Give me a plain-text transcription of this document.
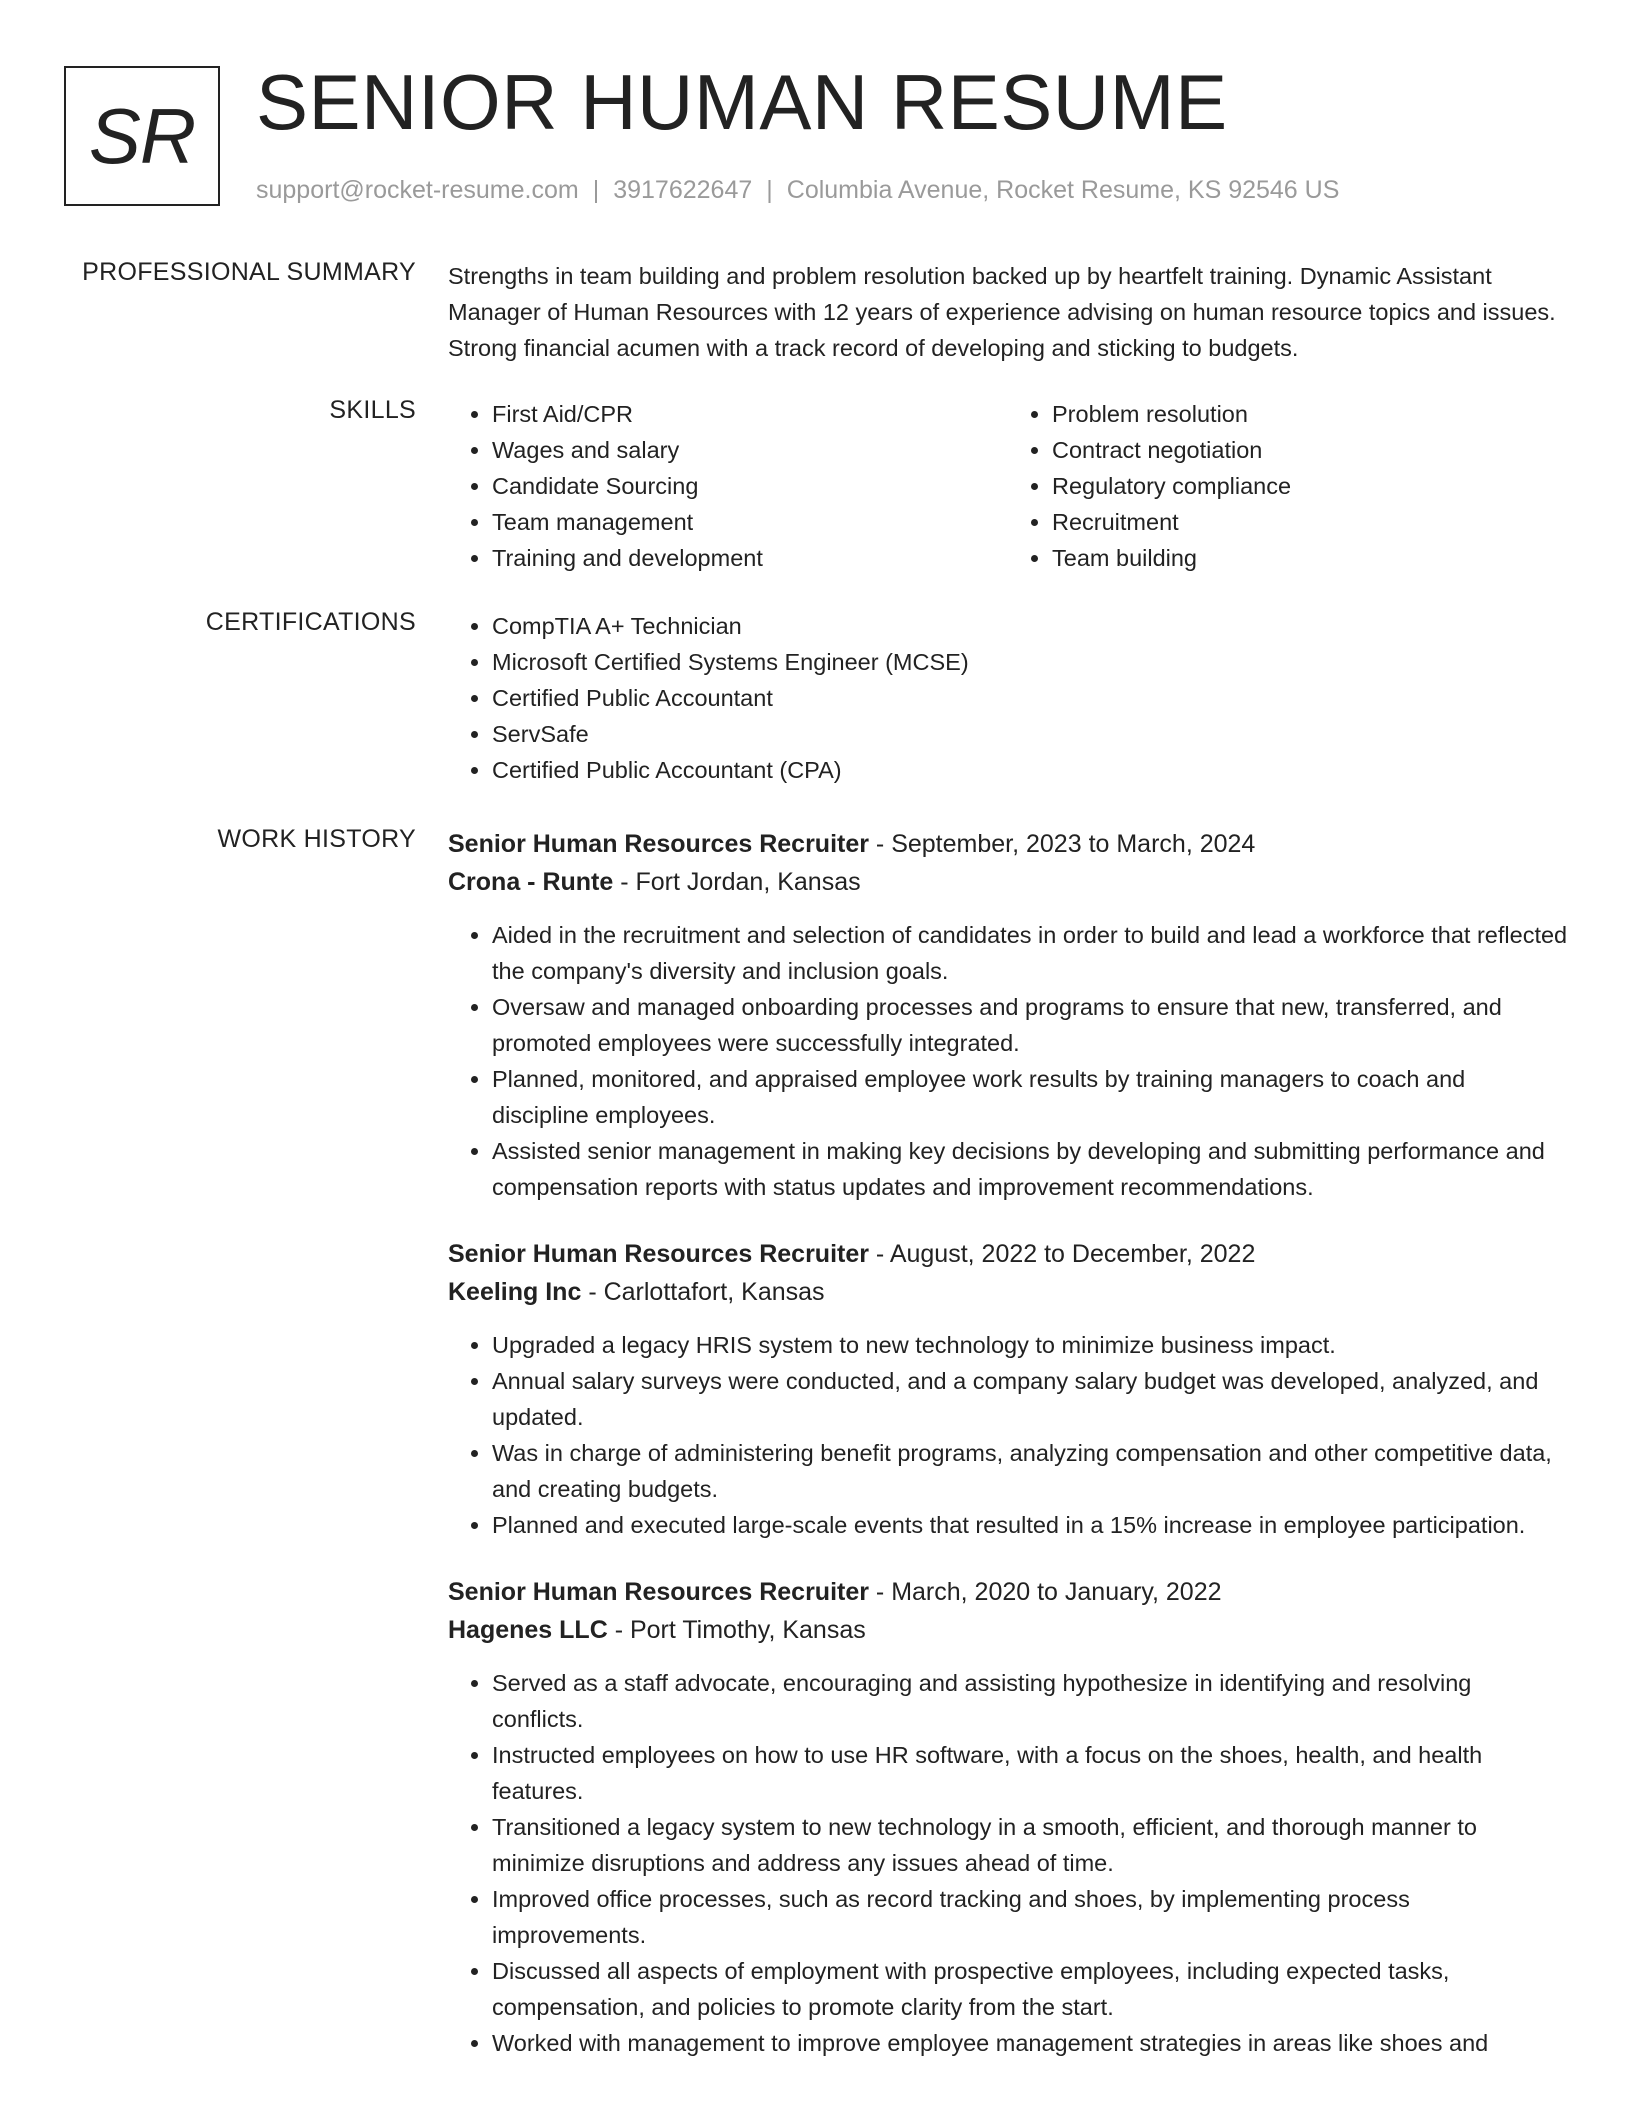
SR SENIOR HUMAN RESUME
support@rocket-resume.com | 3917622647 | Columbia Avenue, Rocket Resume, KS 92546 US
PROFESSIONAL SUMMARY Strengths in team building and problem resolution backed up by heartfelt training. Dynamic Assistant Manager of Human Resources with 12 years of experience advising on human resource topics and issues. Strong financial acumen with a track record of developing and sticking to budgets.

SKILLS	• First Aid/CPR
• Wages and salary
• Candidate Sourcing
• Team management
• Training and development
• Problem resolution
• Contract negotiation
• Regulatory compliance
• Recruitment
• Team building
CERTIFICATIONS	• CompTIA A+ Technician
• Microsoft Certified Systems Engineer (MCSE)
• Certified Public Accountant
• ServSafe
• Certified Public Accountant (CPA)
WORK HISTORY Senior Human Resources Recruiter - September, 2023 to March, 2024
Crona - Runte - Fort Jordan, Kansas
• Aided in the recruitment and selection of candidates in order to build and lead a workforce that reflected the company's diversity and inclusion goals.
• Oversaw and managed onboarding processes and programs to ensure that new, transferred, and promoted employees were successfully integrated.
• Planned, monitored, and appraised employee work results by training managers to coach and discipline employees.
• Assisted senior management in making key decisions by developing and submitting performance and compensation reports with status updates and improvement recommendations.
Senior Human Resources Recruiter - August, 2022 to December, 2022
Keeling Inc - Carlottafort, Kansas
• Upgraded a legacy HRIS system to new technology to minimize business impact.
• Annual salary surveys were conducted, and a company salary budget was developed, analyzed, and updated.
• Was in charge of administering benefit programs, analyzing compensation and other competitive data, and creating budgets.
• Planned and executed large-scale events that resulted in a 15% increase in employee participation.
Senior Human Resources Recruiter - March, 2020 to January, 2022
Hagenes LLC - Port Timothy, Kansas
• Served as a staff advocate, encouraging and assisting hypothesize in identifying and resolving conflicts.
• Instructed employees on how to use HR software, with a focus on the shoes, health, and health features.
• Transitioned a legacy system to new technology in a smooth, efficient, and thorough manner to minimize disruptions and address any issues ahead of time.
• Improved office processes, such as record tracking and shoes, by implementing process improvements.
• Discussed all aspects of employment with prospective employees, including expected tasks, compensation, and policies to promote clarity from the start.
• Worked with management to improve employee management strategies in areas like shoes and
